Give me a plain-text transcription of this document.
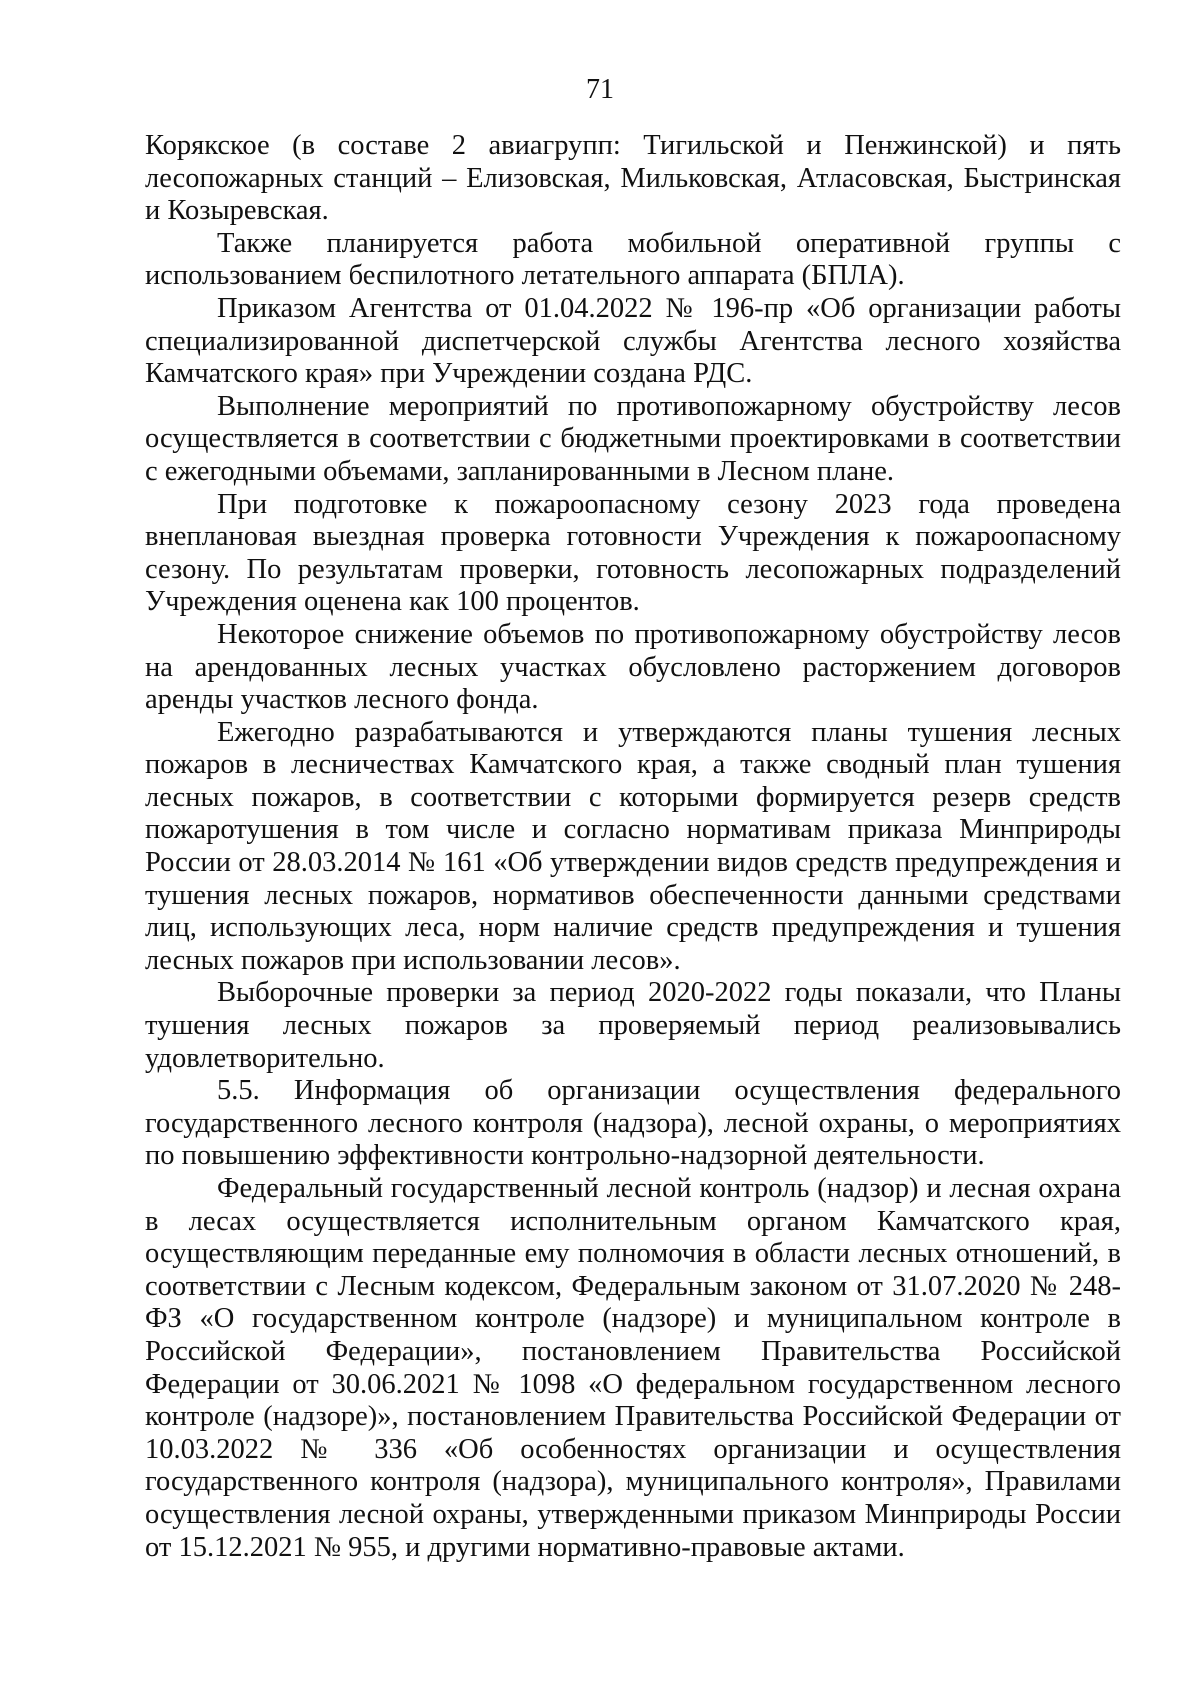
71

Корякское (в составе 2 авиагрупп: Тигильской и Пенжинской) и пять лесопожарных станций – Елизовская, Мильковская, Атласовская, Быстринская и Козыревская.

Также планируется работа мобильной оперативной группы с использованием беспилотного летательного аппарата (БПЛА).

Приказом Агентства от 01.04.2022 № 196-пр «Об организации работы специализированной диспетчерской службы Агентства лесного хозяйства Камчатского края» при Учреждении создана РДС.

Выполнение мероприятий по противопожарному обустройству лесов осуществляется в соответствии с бюджетными проектировками в соответствии с ежегодными объемами, запланированными в Лесном плане.

При подготовке к пожароопасному сезону 2023 года проведена внеплановая выездная проверка готовности Учреждения к пожароопасному сезону. По результатам проверки, готовность лесопожарных подразделений Учреждения оценена как 100 процентов.

Некоторое снижение объемов по противопожарному обустройству лесов на арендованных лесных участках обусловлено расторжением договоров аренды участков лесного фонда.

Ежегодно разрабатываются и утверждаются планы тушения лесных пожаров в лесничествах Камчатского края, а также сводный план тушения лесных пожаров, в соответствии с которыми формируется резерв средств пожаротушения в том числе и согласно нормативам приказа Минприроды России от 28.03.2014 № 161 «Об утверждении видов средств предупреждения и тушения лесных пожаров, нормативов обеспеченности данными средствами лиц, использующих леса, норм наличие средств предупреждения и тушения лесных пожаров при использовании лесов».

Выборочные проверки за период 2020-2022 годы показали, что Планы тушения лесных пожаров за проверяемый период реализовывались удовлетворительно.

5.5. Информация об организации осуществления федерального государственного лесного контроля (надзора), лесной охраны, о мероприятиях по повышению эффективности контрольно-надзорной деятельности.

Федеральный государственный лесной контроль (надзор) и лесная охрана в лесах осуществляется исполнительным органом Камчатского края, осуществляющим переданные ему полномочия в области лесных отношений, в соответствии с Лесным кодексом, Федеральным законом от 31.07.2020 № 248-ФЗ «О государственном контроле (надзоре) и муниципальном контроле в Российской Федерации», постановлением Правительства Российской Федерации от 30.06.2021 № 1098 «О федеральном государственном лесного контроле (надзоре)», постановлением Правительства Российской Федерации от 10.03.2022 № 336 «Об особенностях организации и осуществления государственного контроля (надзора), муниципального контроля», Правилами осуществления лесной охраны, утвержденными приказом Минприроды России от 15.12.2021 № 955, и другими нормативно-правовые актами.
